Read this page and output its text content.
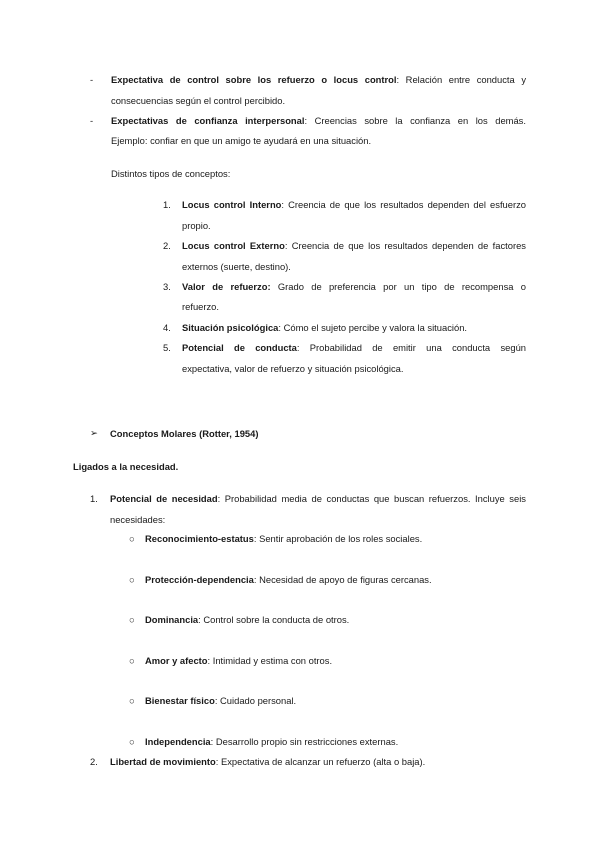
- Expectativa de control sobre los refuerzo o locus control: Relación entre conducta y
consecuencias según el control percibido.
- Expectativas de confianza interpersonal: Creencias sobre la confianza en los demás.
Ejemplo: confiar en que un amigo te ayudará en una situación.
Distintos tipos de conceptos:
1. Locus control Interno: Creencia de que los resultados dependen del esfuerzo
propio.
2. Locus control Externo: Creencia de que los resultados dependen de factores
externos (suerte, destino).
3. Valor de refuerzo: Grado de preferencia por un tipo de recompensa o
refuerzo.
4. Situación psicológica: Cómo el sujeto percibe y valora la situación.
5. Potencial de conducta: Probabilidad de emitir una conducta según
expectativa, valor de refuerzo y situación psicológica.
➢ Conceptos Molares (Rotter, 1954)
Ligados a la necesidad.
1. Potencial de necesidad: Probabilidad media de conductas que buscan refuerzos. Incluye seis
necesidades:
○ Reconocimiento-estatus: Sentir aprobación de los roles sociales.
○ Protección-dependencia: Necesidad de apoyo de figuras cercanas.
○ Dominancia: Control sobre la conducta de otros.
○ Amor y afecto: Intimidad y estima con otros.
○ Bienestar físico: Cuidado personal.
○ Independencia: Desarrollo propio sin restricciones externas.
2. Libertad de movimiento: Expectativa de alcanzar un refuerzo (alta o baja).
